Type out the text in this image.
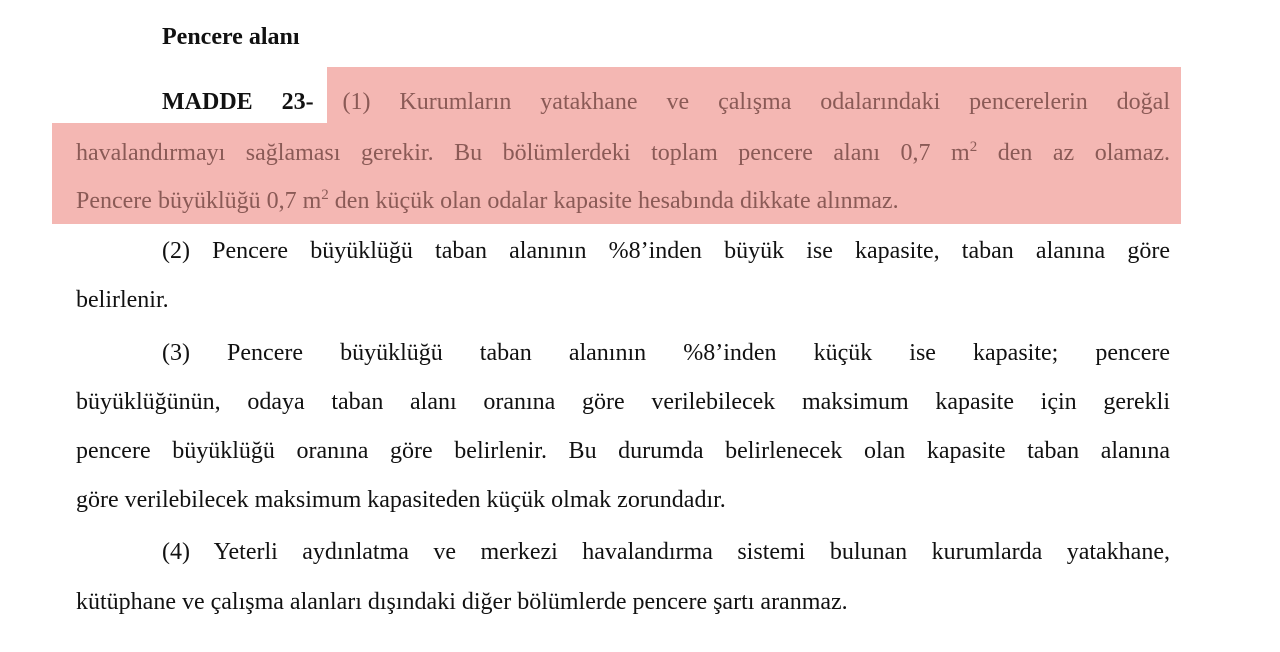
Pencere alanı
MADDE 23- (1) Kurumların yatakhane ve çalışma odalarındaki pencerelerin doğal
havalandırmayı sağlaması gerekir. Bu bölümlerdeki toplam pencere alanı 0,7 $m^2$ den az olamaz.
Pencere büyüklüğü 0,7 $m^2$ den küçük olan odalar kapasite hesabında dikkate alınmaz.
(2) Pencere büyüklüğü taban alanının %8’inden büyük ise kapasite, taban alanına göre
belirlenir.
(3) Pencere büyüklüğü taban alanının %8’inden küçük ise kapasite; pencere
büyüklüğünün, odaya taban alanı oranına göre verilebilecek maksimum kapasite için gerekli
pencere büyüklüğü oranına göre belirlenir. Bu durumda belirlenecek olan kapasite taban alanına
göre verilebilecek maksimum kapasiteden küçük olmak zorundadır.
(4) Yeterli aydınlatma ve merkezi havalandırma sistemi bulunan kurumlarda yatakhane,
kütüphane ve çalışma alanları dışındaki diğer bölümlerde pencere şartı aranmaz.
